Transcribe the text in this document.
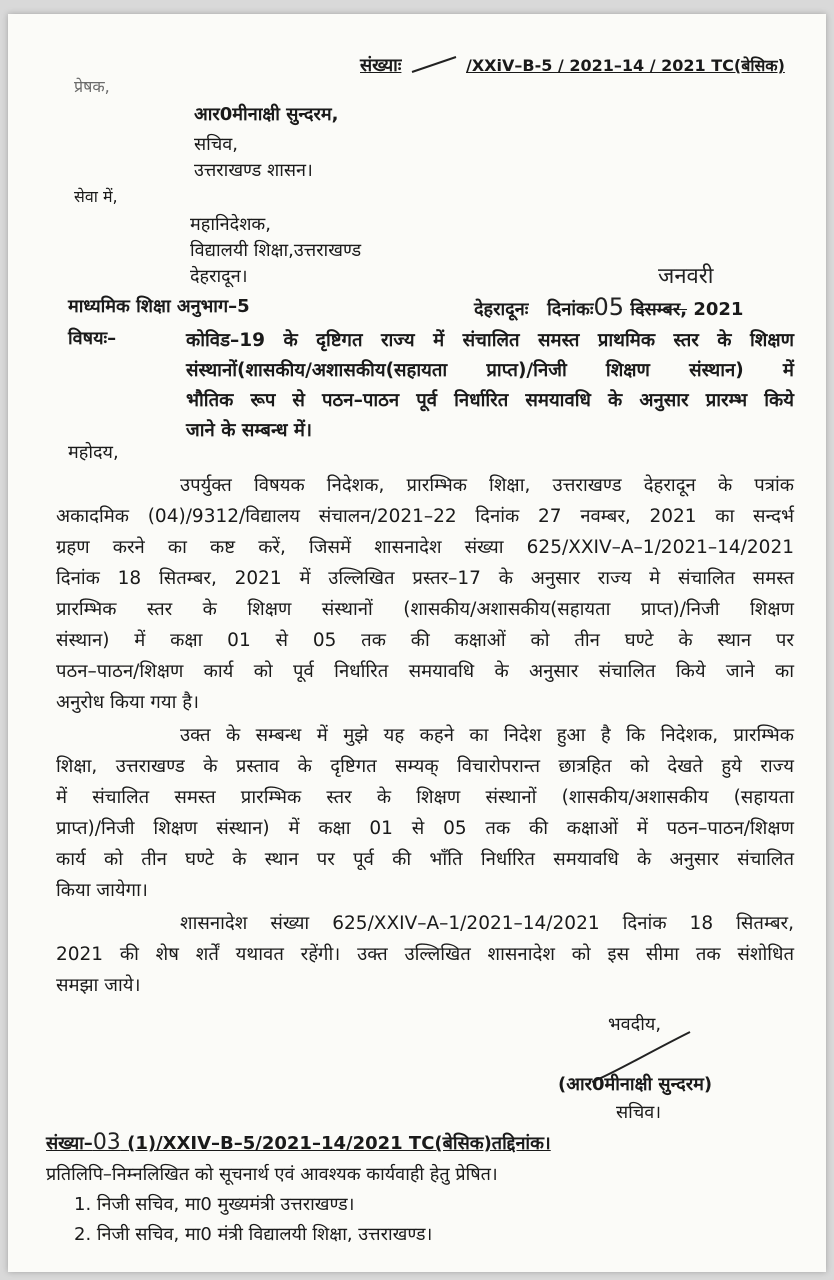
संख्याः	/XXiV–B-5 / 2021–14 / 2021 TC(बेसिक)
प्रेषक,
आर0मीनाक्षी सुन्दरम,
सचिव,
उत्तराखण्ड शासन।
सेवा में,
महानिदेशक,
विद्यालयी शिक्षा,उत्तराखण्ड
देहरादून।
माध्यमिक शिक्षा अनुभाग–5	देहरादूनः दिनांकः05 दिसम्बर, 2021
जनवरी
विषयः–	कोविड–19 के दृष्टिगत राज्य में संचालित समस्त प्राथमिक स्तर के शिक्षण
संस्थानों(शासकीय/अशासकीय(सहायता प्राप्त)/निजी शिक्षण संस्थान) में
भौतिक रूप से पठन–पाठन पूर्व निर्धारित समयावधि के अनुसार प्रारम्भ किये
जाने के सम्बन्ध में।
महोदय,
उपर्युक्त विषयक निदेशक, प्रारम्भिक शिक्षा, उत्तराखण्ड देहरादून के पत्रांक
अकादमिक (04)/9312/विद्यालय संचालन/2021–22 दिनांक 27 नवम्बर, 2021 का सन्दर्भ
ग्रहण करने का कष्ट करें, जिसमें शासनादेश संख्या 625/XXIV–A–1/2021–14/2021
दिनांक 18 सितम्बर, 2021 में उल्लिखित प्रस्तर–17 के अनुसार राज्य मे संचालित समस्त
प्रारम्भिक स्तर के शिक्षण संस्थानों (शासकीय/अशासकीय(सहायता प्राप्त)/निजी शिक्षण
संस्थान) में कक्षा 01 से 05 तक की कक्षाओं को तीन घण्टे के स्थान पर
पठन–पाठन/शिक्षण कार्य को पूर्व निर्धारित समयावधि के अनुसार संचालित किये जाने का
अनुरोध किया गया है।
उक्त के सम्बन्ध में मुझे यह कहने का निदेश हुआ है कि निदेशक, प्रारम्भिक
शिक्षा, उत्तराखण्ड के प्रस्ताव के दृष्टिगत सम्यक् विचारोपरान्त छात्रहित को देखते हुये राज्य
में संचालित समस्त प्रारम्भिक स्तर के शिक्षण संस्थानों (शासकीय/अशासकीय (सहायता
प्राप्त)/निजी शिक्षण संस्थान) में कक्षा 01 से 05 तक की कक्षाओं में पठन–पाठन/शिक्षण
कार्य को तीन घण्टे के स्थान पर पूर्व की भाँति निर्धारित समयावधि के अनुसार संचालित
किया जायेगा।
शासनादेश संख्या 625/XXIV–A–1/2021–14/2021 दिनांक 18 सितम्बर,
2021 की शेष शर्तें यथावत रहेंगी। उक्त उल्लिखित शासनादेश को इस सीमा तक संशोधित
समझा जाये।
भवदीय,
(आर0मीनाक्षी सुन्दरम)
सचिव।
संख्या–03 (1)/XXIV–B–5/2021–14/2021 TC(बेसिक)तद्दिनांक।
प्रतिलिपि–निम्नलिखित को सूचनार्थ एवं आवश्यक कार्यवाही हेतु प्रेषित।
1. निजी सचिव, मा0 मुख्यमंत्री उत्तराखण्ड।
2. निजी सचिव, मा0 मंत्री विद्यालयी शिक्षा, उत्तराखण्ड।
